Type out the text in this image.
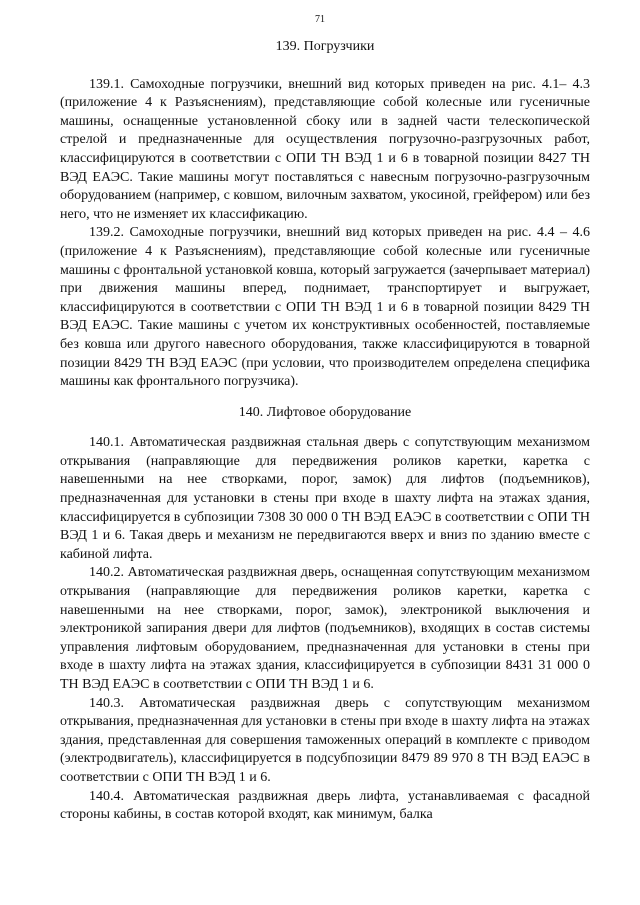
71
139. Погрузчики

139.1. Самоходные погрузчики, внешний вид которых приведен на рис. 4.1– 4.3 (приложение 4 к Разъяснениям), представляющие собой колесные или гусеничные машины, оснащенные установленной сбоку или в задней части телескопической стрелой и предназначенные для осуществления погрузочно-разгрузочных работ, классифицируются в соответствии с ОПИ ТН ВЭД 1 и 6 в товарной позиции 8427 ТН ВЭД ЕАЭС. Такие машины могут поставляться с навесным погрузочно-разгрузочным оборудованием (например, с ковшом, вилочным захватом, укосиной, грейфером) или без него, что не изменяет их классификацию.

139.2. Самоходные погрузчики, внешний вид которых приведен на рис. 4.4 – 4.6 (приложение 4 к Разъяснениям), представляющие собой колесные или гусеничные машины с фронтальной установкой ковша, который загружается (зачерпывает материал) при движения машины вперед, поднимает, транспортирует и выгружает, классифицируются в соответствии с ОПИ ТН ВЭД 1 и 6 в товарной позиции 8429 ТН ВЭД ЕАЭС. Такие машины с учетом их конструктивных особенностей, поставляемые без ковша или другого навесного оборудования, также классифицируются в товарной позиции 8429 ТН ВЭД ЕАЭС (при условии, что производителем определена специфика машины как фронтального погрузчика).

140. Лифтовое оборудование

140.1. Автоматическая раздвижная стальная дверь с сопутствующим механизмом открывания (направляющие для передвижения роликов каретки, каретка с навешенными на нее створками, порог, замок) для лифтов (подъемников), предназначенная для установки в стены при входе в шахту лифта на этажах здания, классифицируется в субпозиции 7308 30 000 0 ТН ВЭД ЕАЭС в соответствии с ОПИ ТН ВЭД 1 и 6. Такая дверь и механизм не передвигаются вверх и вниз по зданию вместе с кабиной лифта.

140.2. Автоматическая раздвижная дверь, оснащенная сопутствующим механизмом открывания (направляющие для передвижения роликов каретки, каретка с навешенными на нее створками, порог, замок), электроникой выключения и электроникой запирания двери для лифтов (подъемников), входящих в состав системы управления лифтовым оборудованием, предназначенная для установки в стены при входе в шахту лифта на этажах здания, классифицируется в субпозиции 8431 31 000 0 ТН ВЭД ЕАЭС в соответствии с ОПИ ТН ВЭД 1 и 6.

140.3. Автоматическая раздвижная дверь с сопутствующим механизмом открывания, предназначенная для установки в стены при входе в шахту лифта на этажах здания, представленная для совершения таможенных операций в комплекте с приводом (электродвигатель), классифицируется в подсубпозиции 8479 89 970 8 ТН ВЭД ЕАЭС в соответствии с ОПИ ТН ВЭД 1 и 6.

140.4. Автоматическая раздвижная дверь лифта, устанавливаемая с фасадной стороны кабины, в состав которой входят, как минимум, балка
